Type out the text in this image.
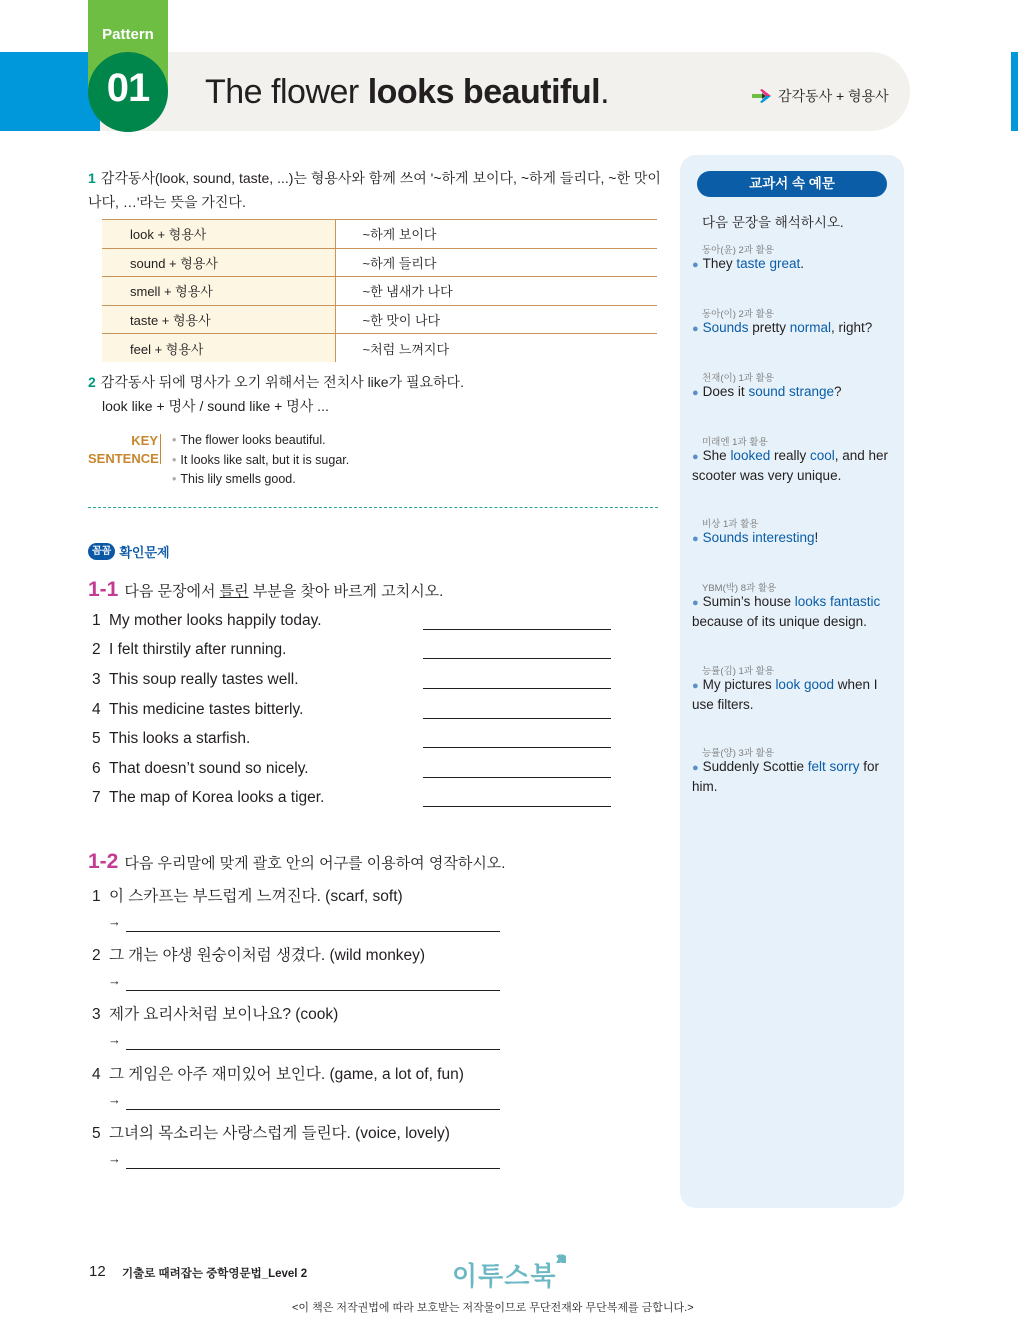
Pattern
01	The flower looks beautiful.	감각동사 + 형용사
1 감각동사(look, sound, taste, ...)는 형용사와 함께 쓰여 '~하게 보이다, ~하게 들리다, ~한 맛이 나다, …'라는 뜻을 가진다.
look + 형용사	~하게 보이다
sound + 형용사	~하게 들리다
smell + 형용사	~한 냄새가 나다
taste + 형용사	~한 맛이 나다
feel + 형용사	~처럼 느껴지다
2 감각동사 뒤에 명사가 오기 위해서는 전치사 like가 필요하다.
look like + 명사 / sound like + 명사 ...
KEY
SENTENCE
• The flower looks beautiful.
• It looks like salt, but it is sugar.
• This lily smells good.
꼼꼼 확인문제
1-1 다음 문장에서 틀린 부분을 찾아 바르게 고치시오.
1 My mother looks happily today.
2 I felt thirstily after running.
3 This soup really tastes well.
4 This medicine tastes bitterly.
5 This looks a starfish.
6 That doesn’t sound so nicely.
7 The map of Korea looks a tiger.
1-2 다음 우리말에 맞게 괄호 안의 어구를 이용하여 영작하시오.
1 이 스카프는 부드럽게 느껴진다. (scarf, soft)
→
2 그 개는 야생 원숭이처럼 생겼다. (wild monkey)
→
3 제가 요리사처럼 보이나요? (cook)
→
4 그 게임은 아주 재미있어 보인다. (game, a lot of, fun)
→
5 그녀의 목소리는 사랑스럽게 들린다. (voice, lovely)
→
교과서 속 예문
다음 문장을 해석하시오.
동아(윤) 2과 활용
● They taste great.
동아(이) 2과 활용
● Sounds pretty normal, right?
천재(이) 1과 활용
● Does it sound strange?
미래엔 1과 활용
● She looked really cool, and her scooter was very unique.
비상 1과 활용
● Sounds interesting!
YBM(박) 8과 활용
● Sumin’s house looks fantastic because of its unique design.
능률(김) 1과 활용
● My pictures look good when I use filters.
능률(양) 3과 활용
● Suddenly Scottie felt sorry for him.
12 기출로 때려잡는 중학영문법_Level 2	이투스북
<이 책은 저작권법에 따라 보호받는 저작물이므로 무단전재와 무단복제를 금합니다.>
